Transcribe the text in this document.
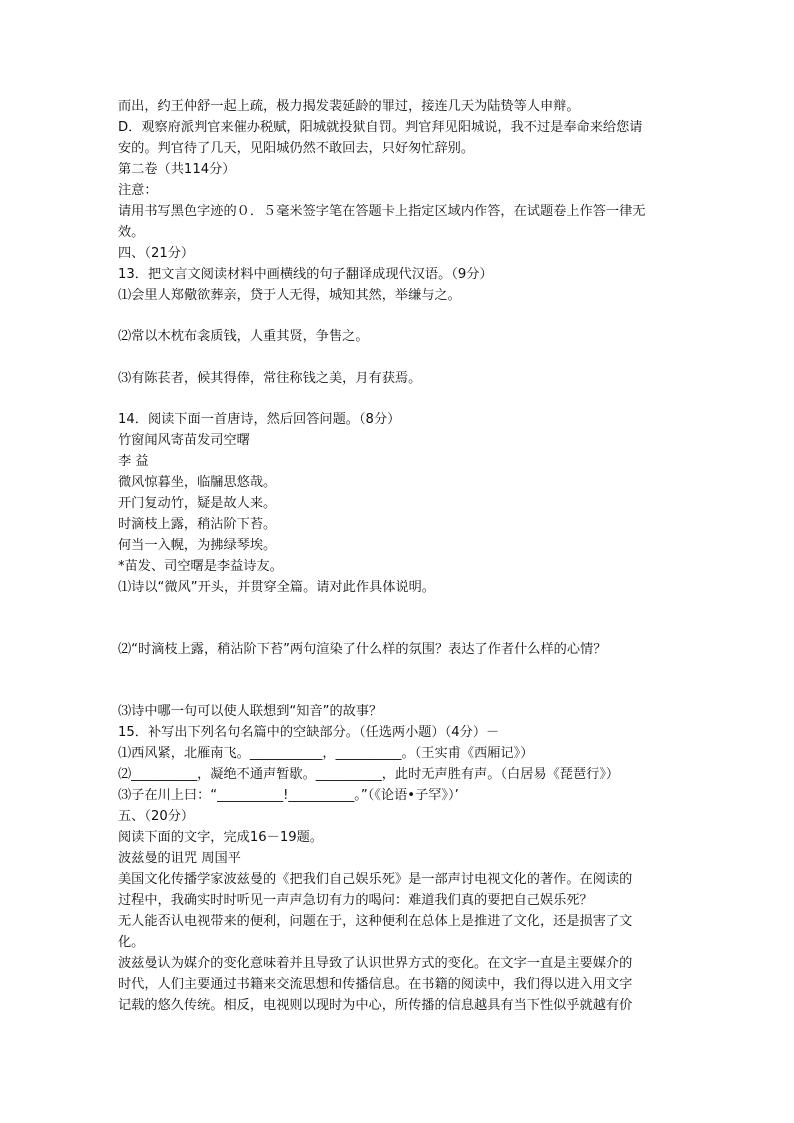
而出，约王仲舒一起上疏，极力揭发裴延龄的罪过，接连几天为陆贽等人申辩。
D．观察府派判官来催办税赋，阳城就投狱自罚。判官拜见阳城说，我不过是奉命来给您请
安的。判官待了几天，见阳城仍然不敢回去，只好匆忙辞别。
第二卷（共114分）
注意：
请用书写黑色字迹的０．５毫米签字笔在答题卡上指定区域内作答，在试题卷上作答一律无
效。
四、（21分）
13．把文言文阅读材料中画横线的句子翻译成现代汉语。（9分）
⑴会里人郑儆欲葬亲，贷于人无得，城知其然，举缣与之。
⑵常以木枕布衾质钱，人重其贤，争售之。
⑶有陈苌者，候其得俸，常往称钱之美，月有获焉。
14．阅读下面一首唐诗，然后回答问题。（8分）
竹窗闻风寄苗发司空曙
李 益
微风惊暮坐，临牖思悠哉。
开门复动竹，疑是故人来。
时滴枝上露，稍沾阶下苔。
何当一入幌，为拂绿琴埃。
*苗发、司空曙是李益诗友。
⑴诗以“微风”开头，并贯穿全篇。请对此作具体说明。
⑵“时滴枝上露，稍沾阶下苔”两句渲染了什么样的氛围？表达了作者什么样的心情？
⑶诗中哪一句可以使人联想到“知音”的故事？
15．补写出下列名句名篇中的空缺部分。（任选两小题）（4分）－
⑴西风紧，北雁南飞。___________，__________。（王实甫《西厢记》）
⑵__________，凝绝不通声暂歇。__________，此时无声胜有声。（白居易《琵琶行》）
⑶子在川上曰：“__________!__________。”（《论语•子罕》）’
五、（20分）
阅读下面的文字，完成16－19题。
波兹曼的诅咒 周国平
美国文化传播学家波兹曼的《把我们自己娱乐死》是一部声讨电视文化的著作。在阅读的
过程中，我确实时时听见一声声急切有力的喝问：难道我们真的要把自己娱乐死？
无人能否认电视带来的便利，问题在于，这种便利在总体上是推进了文化，还是损害了文
化。
波兹曼认为媒介的变化意味着并且导致了认识世界方式的变化。在文字一直是主要媒介的
时代，人们主要通过书籍来交流思想和传播信息。在书籍的阅读中，我们得以进入用文字
记载的悠久传统。相反，电视则以现时为中心，所传播的信息越具有当下性似乎就越有价
